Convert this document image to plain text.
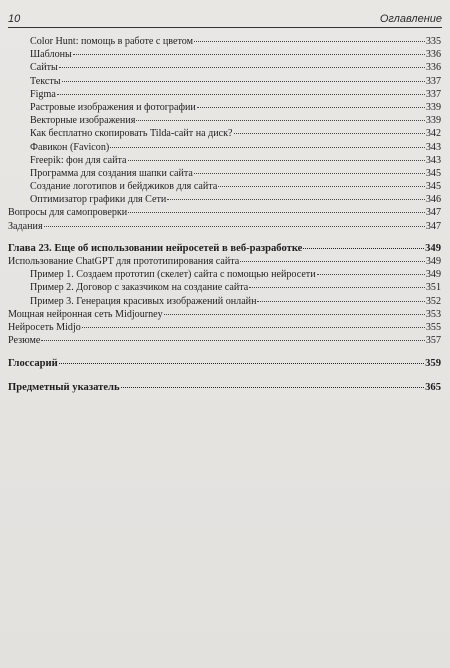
10	Оглавление
Color Hunt: помощь в работе с цветом	335
Шаблоны	336
Сайты	336
Тексты	337
Figma	337
Растровые изображения и фотографии	339
Векторные изображения	339
Как бесплатно скопировать Tilda-сайт на диск?	342
Фавикон (Favicon)	343
Freepik: фон для сайта	343
Программа для создания шапки сайта	345
Создание логотипов и бейджиков для сайта	345
Оптимизатор графики для Сети	346
Вопросы для самопроверки	347
Задания	347
Глава 23. Еще об использовании нейросетей в веб-разработке	349
Использование ChatGPT для прототипирования сайта	349
Пример 1. Создаем прототип (скелет) сайта с помощью нейросети	349
Пример 2. Договор с заказчиком на создание сайта	351
Пример 3. Генерация красивых изображений онлайн	352
Мощная нейронная сеть Midjourney	353
Нейросеть Midjo	355
Резюме	357
Глоссарий	359
Предметный указатель	365
